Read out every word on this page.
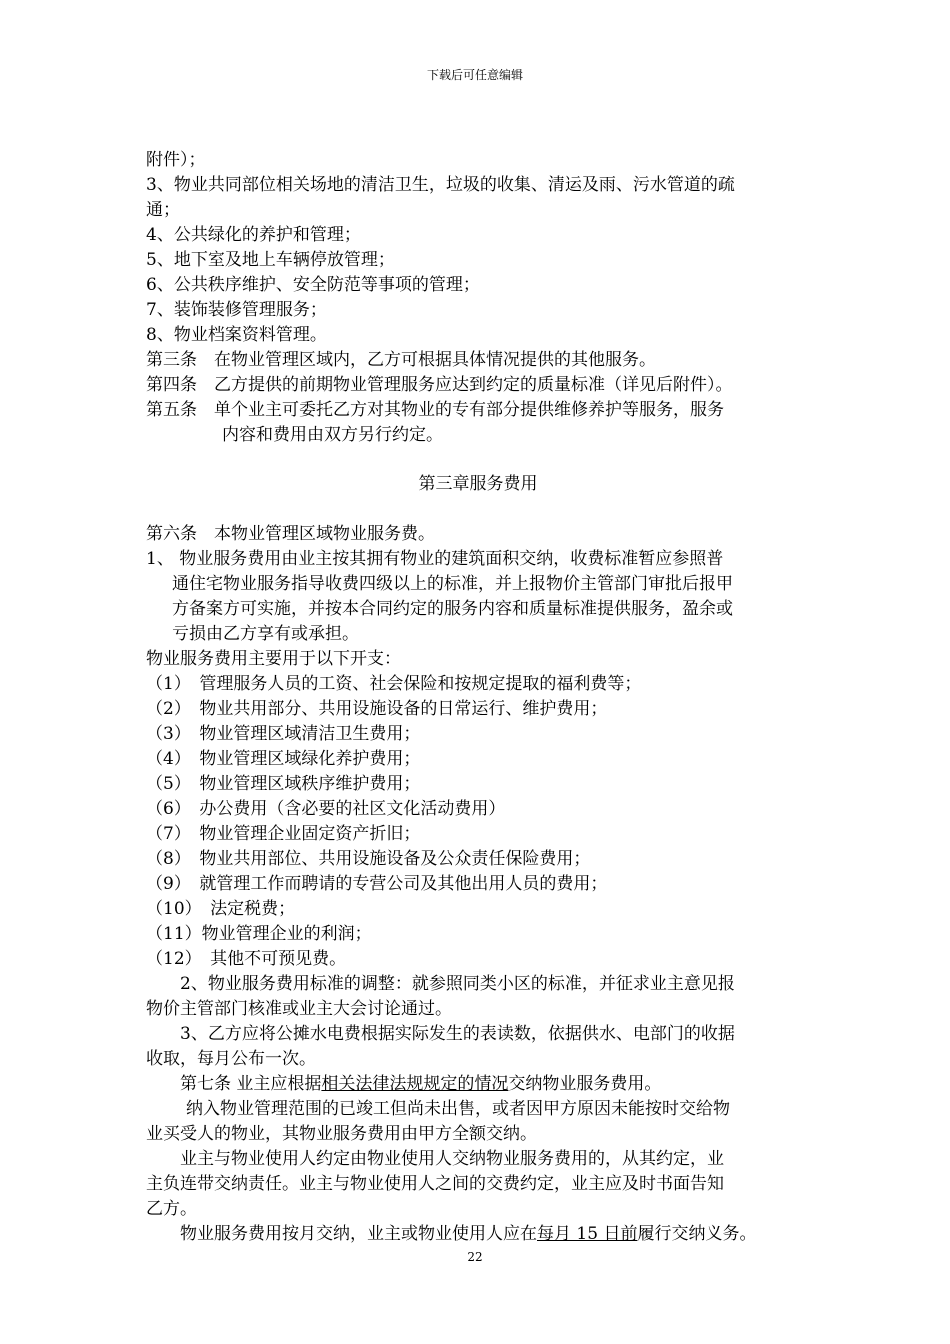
下载后可任意编辑
附件）；
3、物业共同部位相关场地的清洁卫生，垃圾的收集、清运及雨、污水管道的疏
通；
4、公共绿化的养护和管理；
5、地下室及地上车辆停放管理；
6、公共秩序维护、安全防范等事项的管理；
7、装饰装修管理服务；
8、物业档案资料管理。
第三条　在物业管理区域内，乙方可根据具体情况提供的其他服务。
第四条　乙方提供的前期物业管理服务应达到约定的质量标准（详见后附件）。
第五条　单个业主可委托乙方对其物业的专有部分提供维修养护等服务，服务
内容和费用由双方另行约定。
第三章服务费用
第六条　本物业管理区域物业服务费。
1、 物业服务费用由业主按其拥有物业的建筑面积交纳，收费标准暂应参照普
通住宅物业服务指导收费四级以上的标准，并上报物价主管部门审批后报甲
方备案方可实施，并按本合同约定的服务内容和质量标准提供服务，盈余或
亏损由乙方享有或承担。
物业服务费用主要用于以下开支：
（1）　管理服务人员的工资、社会保险和按规定提取的福利费等；
（2）　物业共用部分、共用设施设备的日常运行、维护费用；
（3）　物业管理区域清洁卫生费用；
（4）　物业管理区域绿化养护费用；
（5）　物业管理区域秩序维护费用；
（6）　办公费用（含必要的社区文化活动费用）
（7）　物业管理企业固定资产折旧；
（8）　物业共用部位、共用设施设备及公众责任保险费用；
（9）　就管理工作而聘请的专营公司及其他出用人员的费用；
（10）　法定税费；
（11）物业管理企业的利润；
（12）　其他不可预见费。
2、物业服务费用标准的调整：就参照同类小区的标准，并征求业主意见报
物价主管部门核准或业主大会讨论通过。
3、乙方应将公摊水电费根据实际发生的表读数，依据供水、电部门的收据
收取，每月公布一次。
第七条 业主应根据相关法律法规规定的情况交纳物业服务费用。
纳入物业管理范围的已竣工但尚未出售，或者因甲方原因未能按时交给物
业买受人的物业，其物业服务费用由甲方全额交纳。
业主与物业使用人约定由物业使用人交纳物业服务费用的，从其约定，业
主负连带交纳责任。业主与物业使用人之间的交费约定，业主应及时书面告知
乙方。
物业服务费用按月交纳，业主或物业使用人应在每月 15 日前履行交纳义务。
22
